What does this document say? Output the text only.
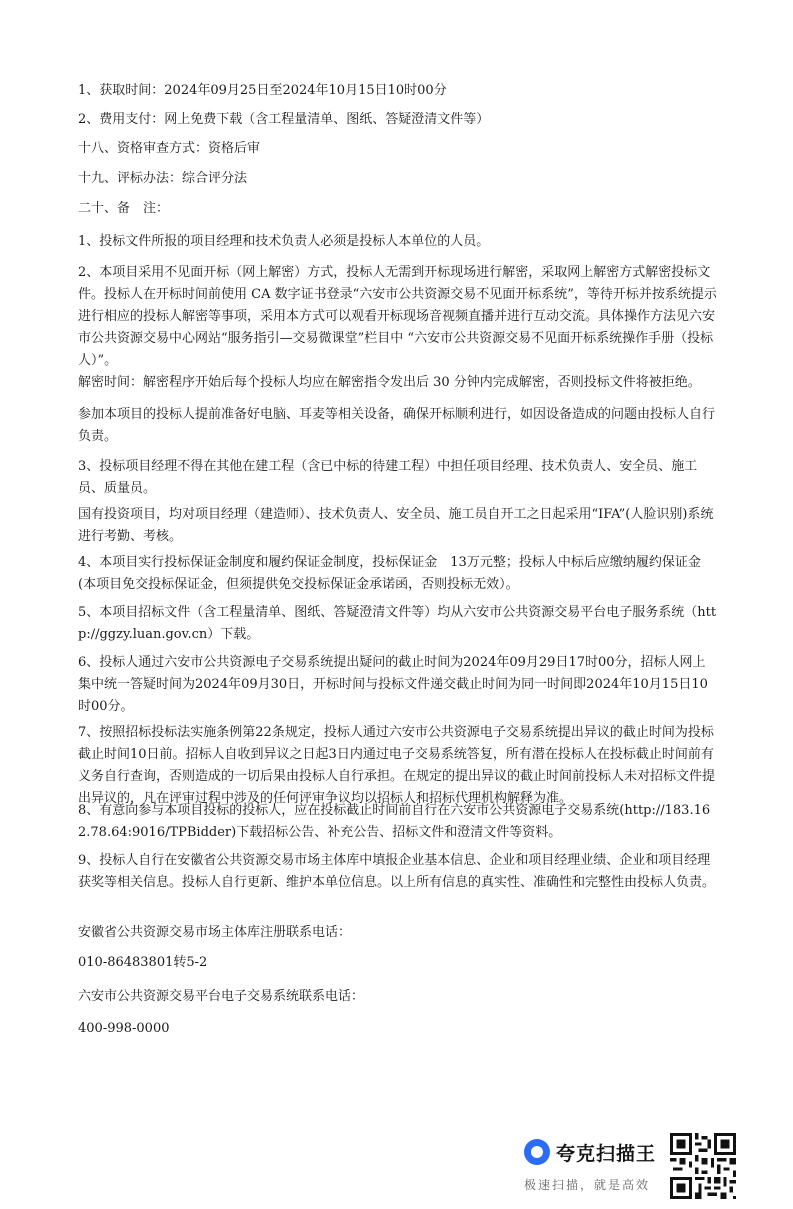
1、获取时间：2024年09月25日至2024年10月15日10时00分

2、费用支付：网上免费下载（含工程量清单、图纸、答疑澄清文件等）

十八、资格审查方式：资格后审

十九、评标办法：综合评分法

二十、备　注：

1、投标文件所报的项目经理和技术负责人必须是投标人本单位的人员。

2、本项目采用不见面开标（网上解密）方式，投标人无需到开标现场进行解密，采取网上解密方式解密投标文件。投标人在开标时间前使用 CA 数字证书登录“六安市公共资源交易不见面开标系统”，等待开标并按系统提示进行相应的投标人解密等事项，采用本方式可以观看开标现场音视频直播并进行互动交流。具体操作方法见六安市公共资源交易中心网站“服务指引—交易微课堂”栏目中 “六安市公共资源交易不见面开标系统操作手册（投标人）”。

解密时间：解密程序开始后每个投标人均应在解密指令发出后 30 分钟内完成解密，否则投标文件将被拒绝。

参加本项目的投标人提前准备好电脑、耳麦等相关设备，确保开标顺利进行，如因设备造成的问题由投标人自行负责。

3、投标项目经理不得在其他在建工程（含已中标的待建工程）中担任项目经理、技术负责人、安全员、施工员、质量员。

国有投资项目，均对项目经理（建造师）、技术负责人、安全员、施工员自开工之日起采用“IFA”(人脸识别)系统进行考勤、考核。

4、本项目实行投标保证金制度和履约保证金制度，投标保证金　13万元整；投标人中标后应缴纳履约保证金(本项目免交投标保证金，但须提供免交投标保证金承诺函，否则投标无效）。

5、本项目招标文件（含工程量清单、图纸、答疑澄清文件等）均从六安市公共资源交易平台电子服务系统（http://ggzy.luan.gov.cn）下载。

6、投标人通过六安市公共资源电子交易系统提出疑问的截止时间为2024年09月29日17时00分，招标人网上集中统一答疑时间为2024年09月30日，开标时间与投标文件递交截止时间为同一时间即2024年10月15日10时00分。

7、按照招标投标法实施条例第22条规定，投标人通过六安市公共资源电子交易系统提出异议的截止时间为投标截止时间10日前。招标人自收到异议之日起3日内通过电子交易系统答复，所有潜在投标人在投标截止时间前有义务自行查询，否则造成的一切后果由投标人自行承担。在规定的提出异议的截止时间前投标人未对招标文件提出异议的，凡在评审过程中涉及的任何评审争议均以招标人和招标代理机构解释为准。

8、有意向参与本项目投标的投标人，应在投标截止时间前自行在六安市公共资源电子交易系统(http://183.162.78.64:9016/TPBidder)下载招标公告、补充公告、招标文件和澄清文件等资料。

9、投标人自行在安徽省公共资源交易市场主体库中填报企业基本信息、企业和项目经理业绩、企业和项目经理获奖等相关信息。投标人自行更新、维护本单位信息。以上所有信息的真实性、准确性和完整性由投标人负责。

安徽省公共资源交易市场主体库注册联系电话：

010-86483801转5-2

六安市公共资源交易平台电子交易系统联系电话：

400-998-0000

夸克扫描王
极速扫描，就是高效
